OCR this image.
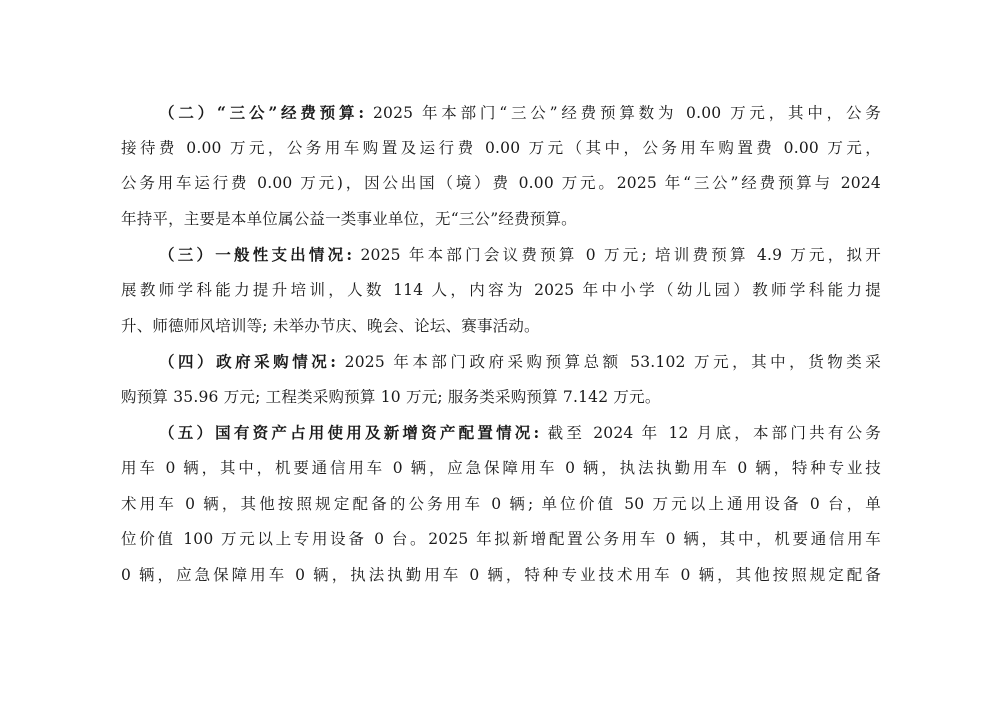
（二）“三公”经费预算: 2025 年本部门“三公”经费预算数为 0.00 万元，其中，公务
接待费 0.00 万元，公务用车购置及运行费 0.00 万元（其中，公务用车购置费 0.00 万元，
公务用车运行费 0.00 万元)，因公出国（境）费 0.00 万元。2025 年“三公”经费预算与 2024
年持平，主要是本单位属公益一类事业单位，无“三公”经费预算。
（三）一般性支出情况: 2025 年本部门会议费预算 0 万元; 培训费预算 4.9 万元，拟开
展教师学科能力提升培训，人数 114 人，内容为 2025 年中小学（幼儿园）教师学科能力提
升、师德师风培训等; 未举办节庆、晚会、论坛、赛事活动。
（四）政府采购情况: 2025 年本部门政府采购预算总额 53.102 万元，其中，货物类采
购预算 35.96 万元; 工程类采购预算 10 万元; 服务类采购预算 7.142 万元。
（五）国有资产占用使用及新增资产配置情况: 截至 2024 年 12 月底，本部门共有公务
用车 0 辆，其中，机要通信用车 0 辆，应急保障用车 0 辆，执法执勤用车 0 辆，特种专业技
术用车 0 辆，其他按照规定配备的公务用车 0 辆; 单位价值 50 万元以上通用设备 0 台，单
位价值 100 万元以上专用设备 0 台。2025 年拟新增配置公务用车 0 辆，其中，机要通信用车
0 辆，应急保障用车 0 辆，执法执勤用车 0 辆，特种专业技术用车 0 辆，其他按照规定配备
